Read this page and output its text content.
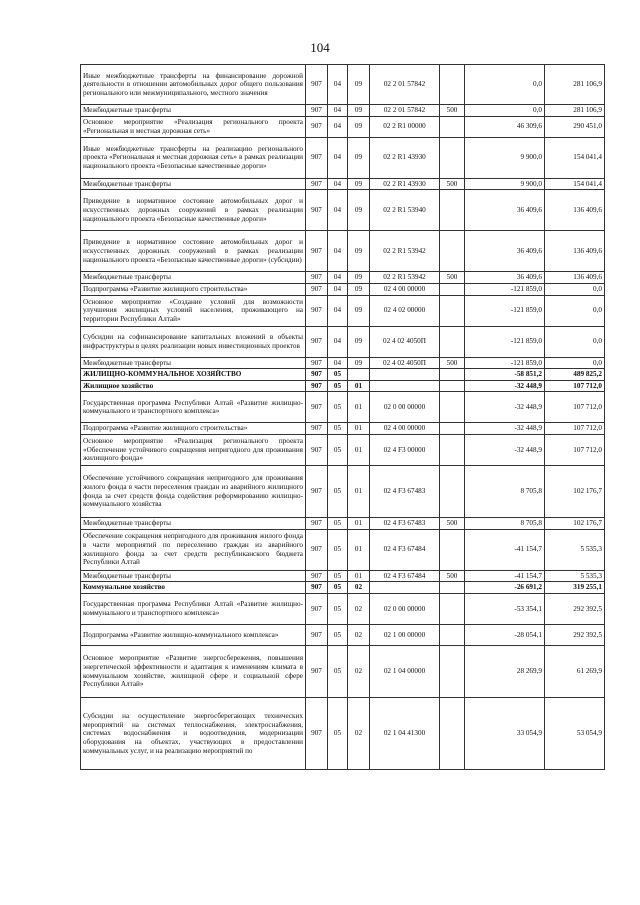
104
Иные межбюджетные трансферты на финансирование дорожной деятельности в отношении автомобильных дорог общего пользования регионального или межмуниципального, местного значения	907	04	09	02 2 01 57842		0,0	281 106,9
Межбюджетные трансферты	907	04	09	02 2 01 57842	500	0,0	281 106,9
Основное мероприятие «Реализация регионального проекта «Региональная и местная дорожная сеть»	907	04	09	02 2 R1 00000		46 309,6	290 451,0
Иные межбюджетные трансферты на реализацию регионального проекта «Региональная и местная дорожная сеть» в рамках реализации национального проекта «Безопасные качественные дороги»	907	04	09	02 2 R1 43930		9 900,0	154 041,4
Межбюджетные трансферты	907	04	09	02 2 R1 43930	500	9 900,0	154 041,4
Приведение в нормативное состояние автомобильных дорог и искусственных дорожных сооружений в рамках реализации национального проекта «Безопасные качественные дороги»	907	04	09	02 2 R1 53940		36 409,6	136 409,6
Приведение в нормативное состояние автомобильных дорог и искусственных дорожных сооружений в рамках реализации национального проекта «Безопасные качественные дороги» (субсидии)	907	04	09	02 2 R1 53942		36 409,6	136 409,6
Межбюджетные трансферты	907	04	09	02 2 R1 53942	500	36 409,6	136 409,6
Подпрограмма «Развитие жилищного строительства»	907	04	09	02 4 00 00000		-121 859,0	0,0
Основное мероприятие «Создание условий для возможности улучшения жилищных условий населения, проживающего на территории Республики Алтай»	907	04	09	02 4 02 00000		-121 859,0	0,0
Субсидии на софинансирование капитальных вложений в объекты инфраструктуры в целях реализации новых инвестиционных проектов	907	04	09	02 4 02 4050П		-121 859,0	0,0
Межбюджетные трансферты	907	04	09	02 4 02 4050П	500	-121 859,0	0,0
ЖИЛИЩНО-КОММУНАЛЬНОЕ ХОЗЯЙСТВО	907	05				-58 851,2	489 825,2
Жилищное хозяйство	907	05	01			-32 448,9	107 712,0
Государственная программа Республики Алтай «Развитие жилищно-коммунального и транспортного комплекса»	907	05	01	02 0 00 00000		-32 448,9	107 712,0
Подпрограмма «Развитие жилищного строительства»	907	05	01	02 4 00 00000		-32 448,9	107 712,0
Основное мероприятие «Реализация регионального проекта «Обеспечение устойчивого сокращения непригодного для проживания жилищного фонда»	907	05	01	02 4 F3 00000		-32 448,9	107 712,0
Обеспечение устойчивого сокращения непригодного для проживания жилого фонда в части переселения граждан из аварийного жилищного фонда за счет средств фонда содействия реформированию жилищно-коммунального хозяйства	907	05	01	02 4 F3 67483		8 705,8	102 176,7
Межбюджетные трансферты	907	05	01	02 4 F3 67483	500	8 705,8	102 176,7
Обеспечение сокращения непригодного для проживания жилого фонда в части мероприятий по переселению граждан из аварийного жилищного фонда за счет средств республиканского бюджета Республики Алтай	907	05	01	02 4 F3 67484		-41 154,7	5 535,3
Межбюджетные трансферты	907	05	01	02 4 F3 67484	500	-41 154,7	5 535,3
Коммунальное хозяйство	907	05	02			-26 691,2	319 255,1
Государственная программа Республики Алтай «Развитие жилищно-коммунального и транспортного комплекса»	907	05	02	02 0 00 00000		-53 354,1	292 392,5
Подпрограмма «Развитие жилищно-коммунального комплекса»	907	05	02	02 1 00 00000		-28 054,1	292 392,5
Основное мероприятие «Развитие энергосбережения, повышения энергетической эффективности и адаптация к изменениям климата в коммунальном хозяйстве, жилищной сфере и социальной сфере Республики Алтай»	907	05	02	02 1 04 00000		28 269,9	61 269,9
Субсидии на осуществление энергосберегающих технических мероприятий на системах теплоснабжения, электроснабжения, системах водоснабжения и водоотведения, модернизации оборудования на объектах, участвующих в предоставлении коммунальных услуг, и на реализацию мероприятий по	907	05	02	02 1 04 41300		33 054,9	53 054,9
